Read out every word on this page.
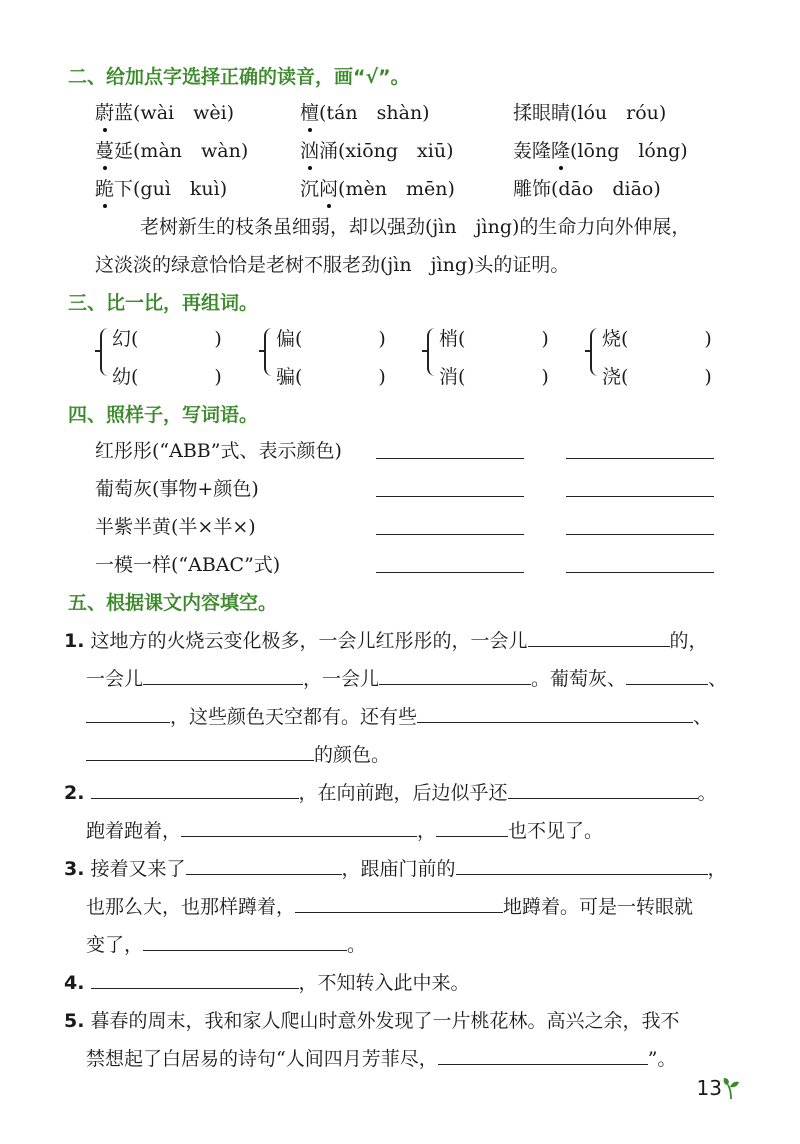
二、给加点字选择正确的读音，画“√”。
蔚蓝(wài　wèi)	檀(tán　shàn)	揉眼睛(lóu　róu)
蔓延(màn　wàn)	汹涌(xiōng　xiū)	轰隆隆(lōng　lóng)
跪下(guì　kuì)	沉闷(mèn　mēn)	雕饰(dāo　diāo)
老树新生的枝条虽细弱，却以强劲(jìn　jìng)的生命力向外伸展，
这淡淡的绿意恰恰是老树不服老劲(jìn　jìng)头的证明。
三、比一比，再组词。
幻(　　　　)
幼(　　　　)
偏(　　　　)
骗(　　　　)
梢(　　　　)
消(　　　　)
烧(　　　　)
浇(　　　　)
四、照样子，写词语。
红彤彤(“ABB”式、表示颜色)
葡萄灰(事物+颜色)
半紫半黄(半×半×)
一模一样(“ABAC”式)
五、根据课文内容填空。
1. 这地方的火烧云变化极多，一会儿红彤彤的，一会儿	的，
一会儿	，一会儿	。葡萄灰、	、
，这些颜色天空都有。还有些	、
的颜色。
2.	，在向前跑，后边似乎还	。
跑着跑着，	，	也不见了。
3. 接着又来了	，跟庙门前的	，
也那么大，也那样蹲着，	地蹲着。可是一转眼就
变了，	。
4.	，不知转入此中来。
5. 暮春的周末，我和家人爬山时意外发现了一片桃花林。高兴之余，我不
禁想起了白居易的诗句“人间四月芳菲尽，	”。
13
